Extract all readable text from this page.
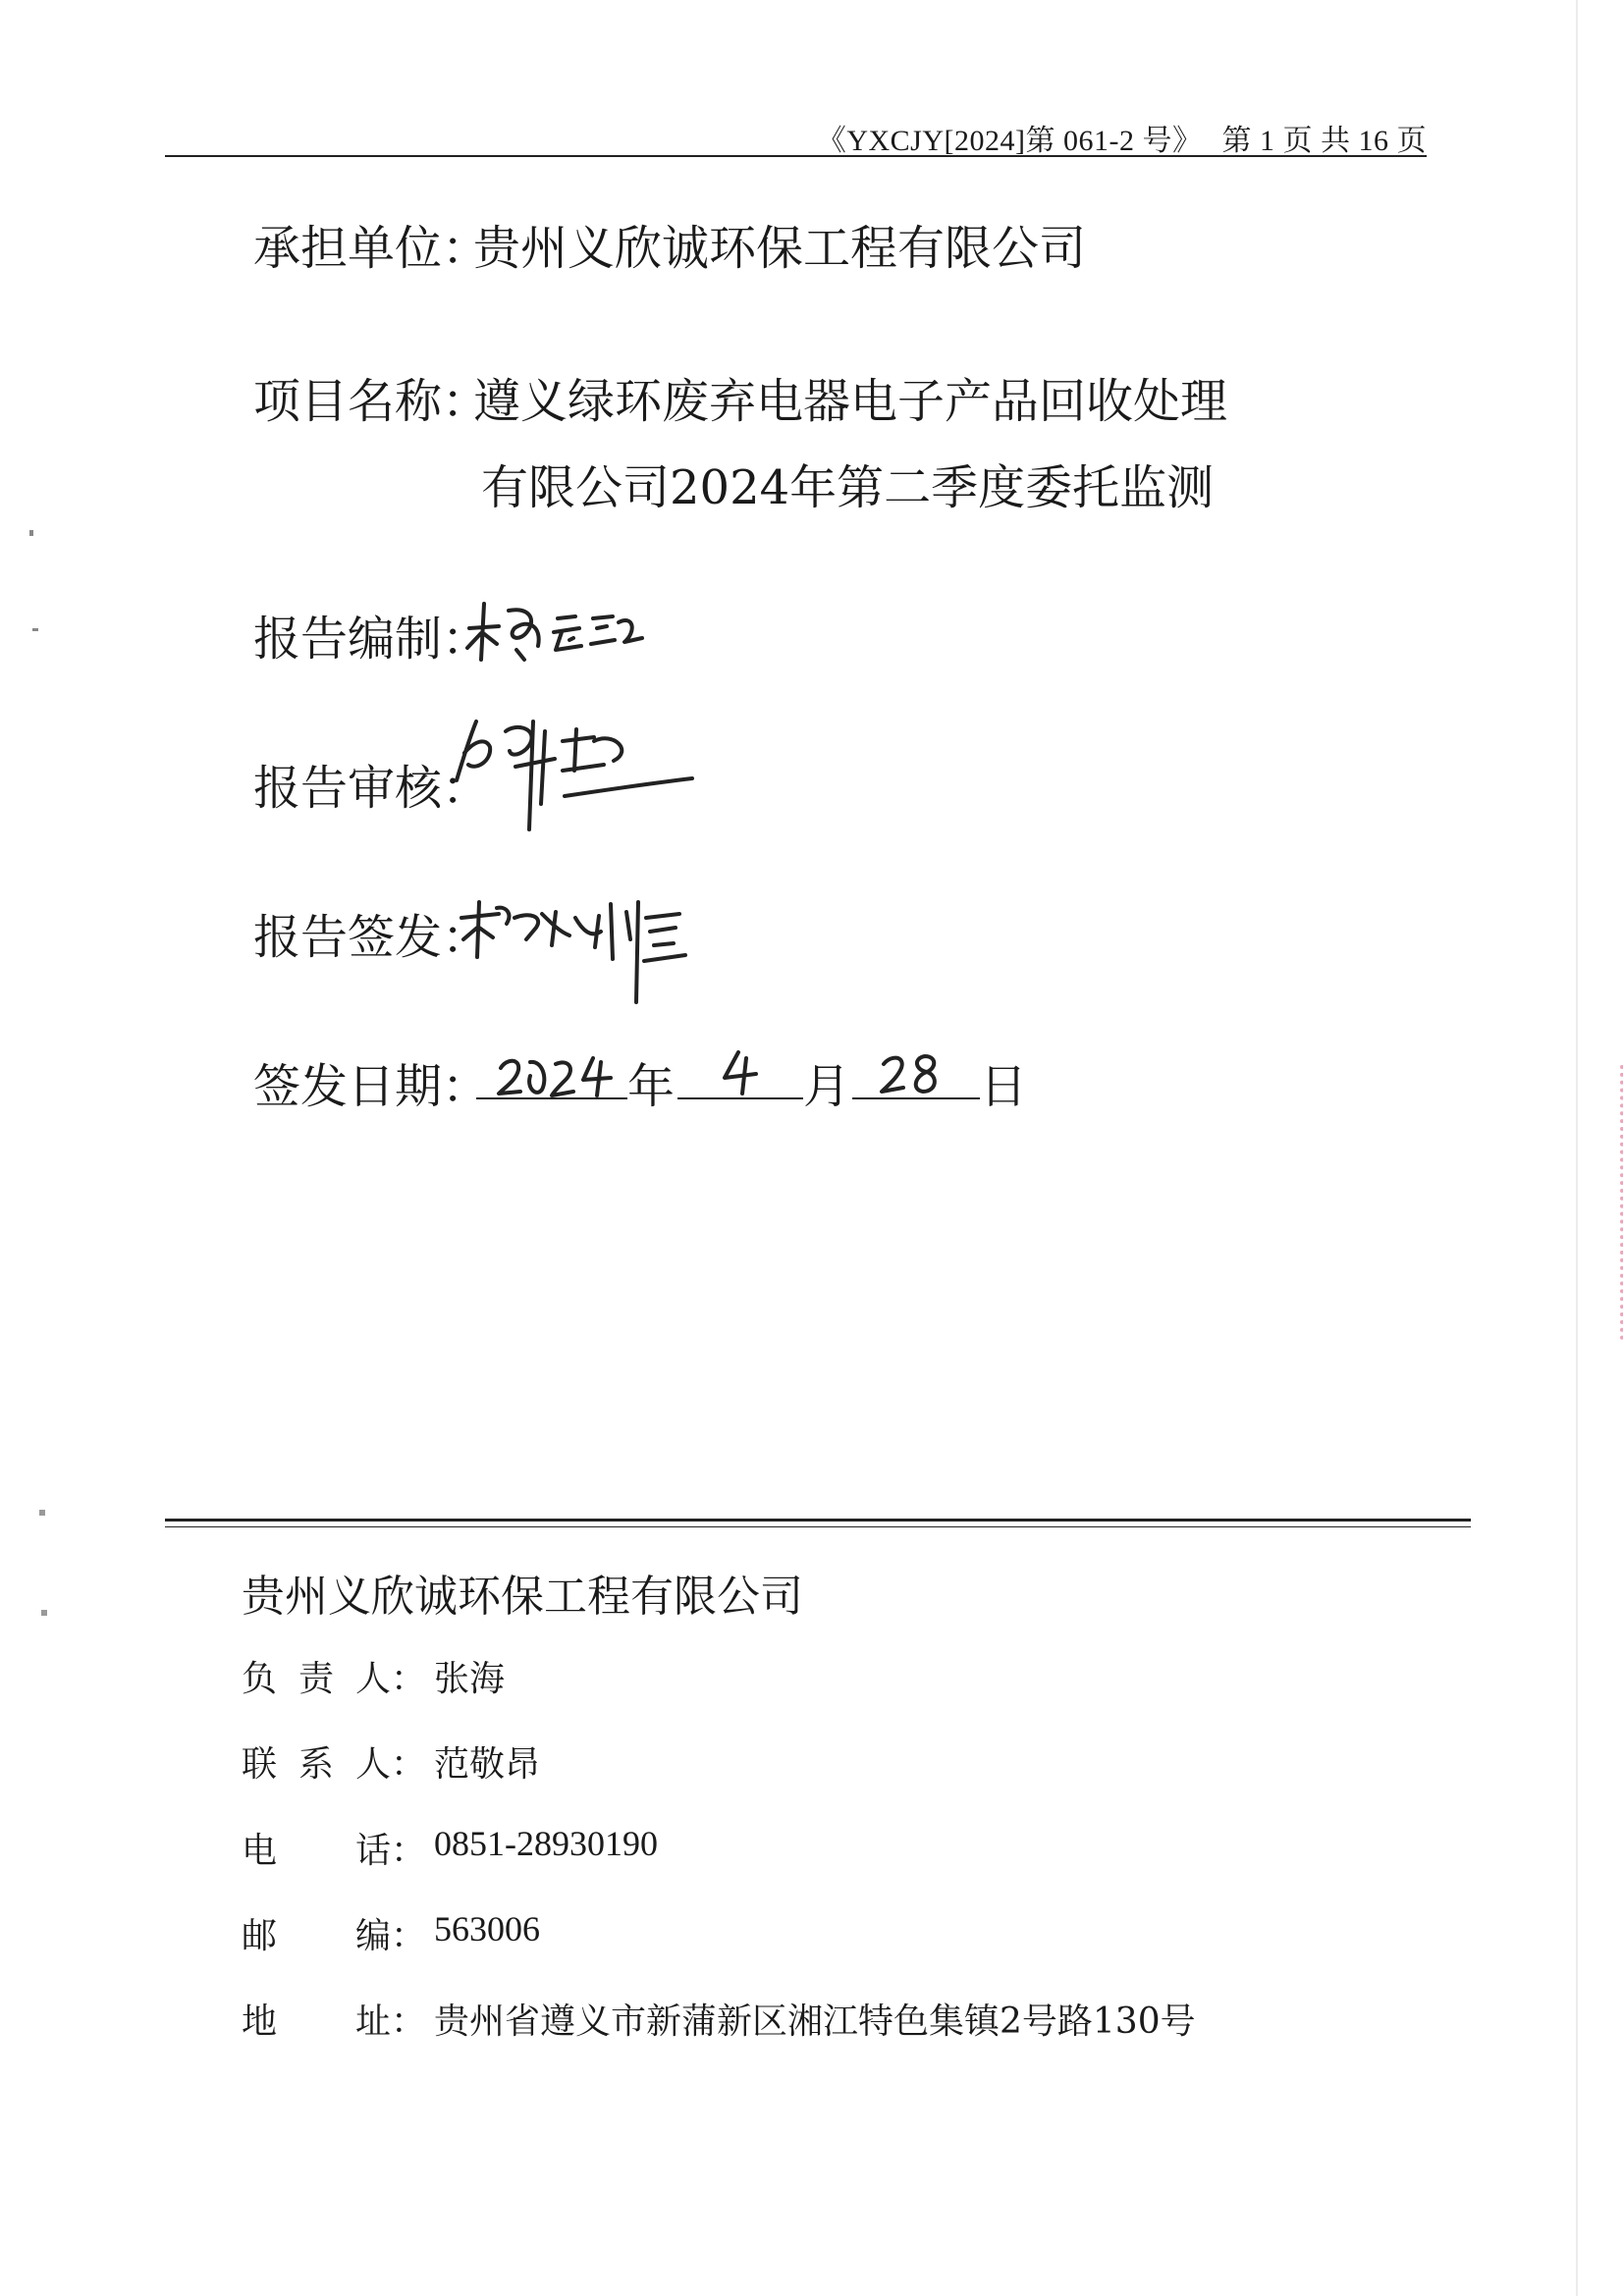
《YXCJY[2024]第 061-2 号》 第 1 页 共 16 页
承担单位：
贵州义欣诚环保工程有限公司
项目名称：
遵义绿环废弃电器电子产品回收处理
有限公司2024年第二季度委托监测
报告编制：
报告审核：
报告签发：
签发日期：	年	月	日
贵州义欣诚环保工程有限公司
负 责 人： 张海
联 系 人： 范敬昂
电 话： 0851-28930190
邮 编： 563006
地 址： 贵州省遵义市新蒲新区湘江特色集镇2号路130号
